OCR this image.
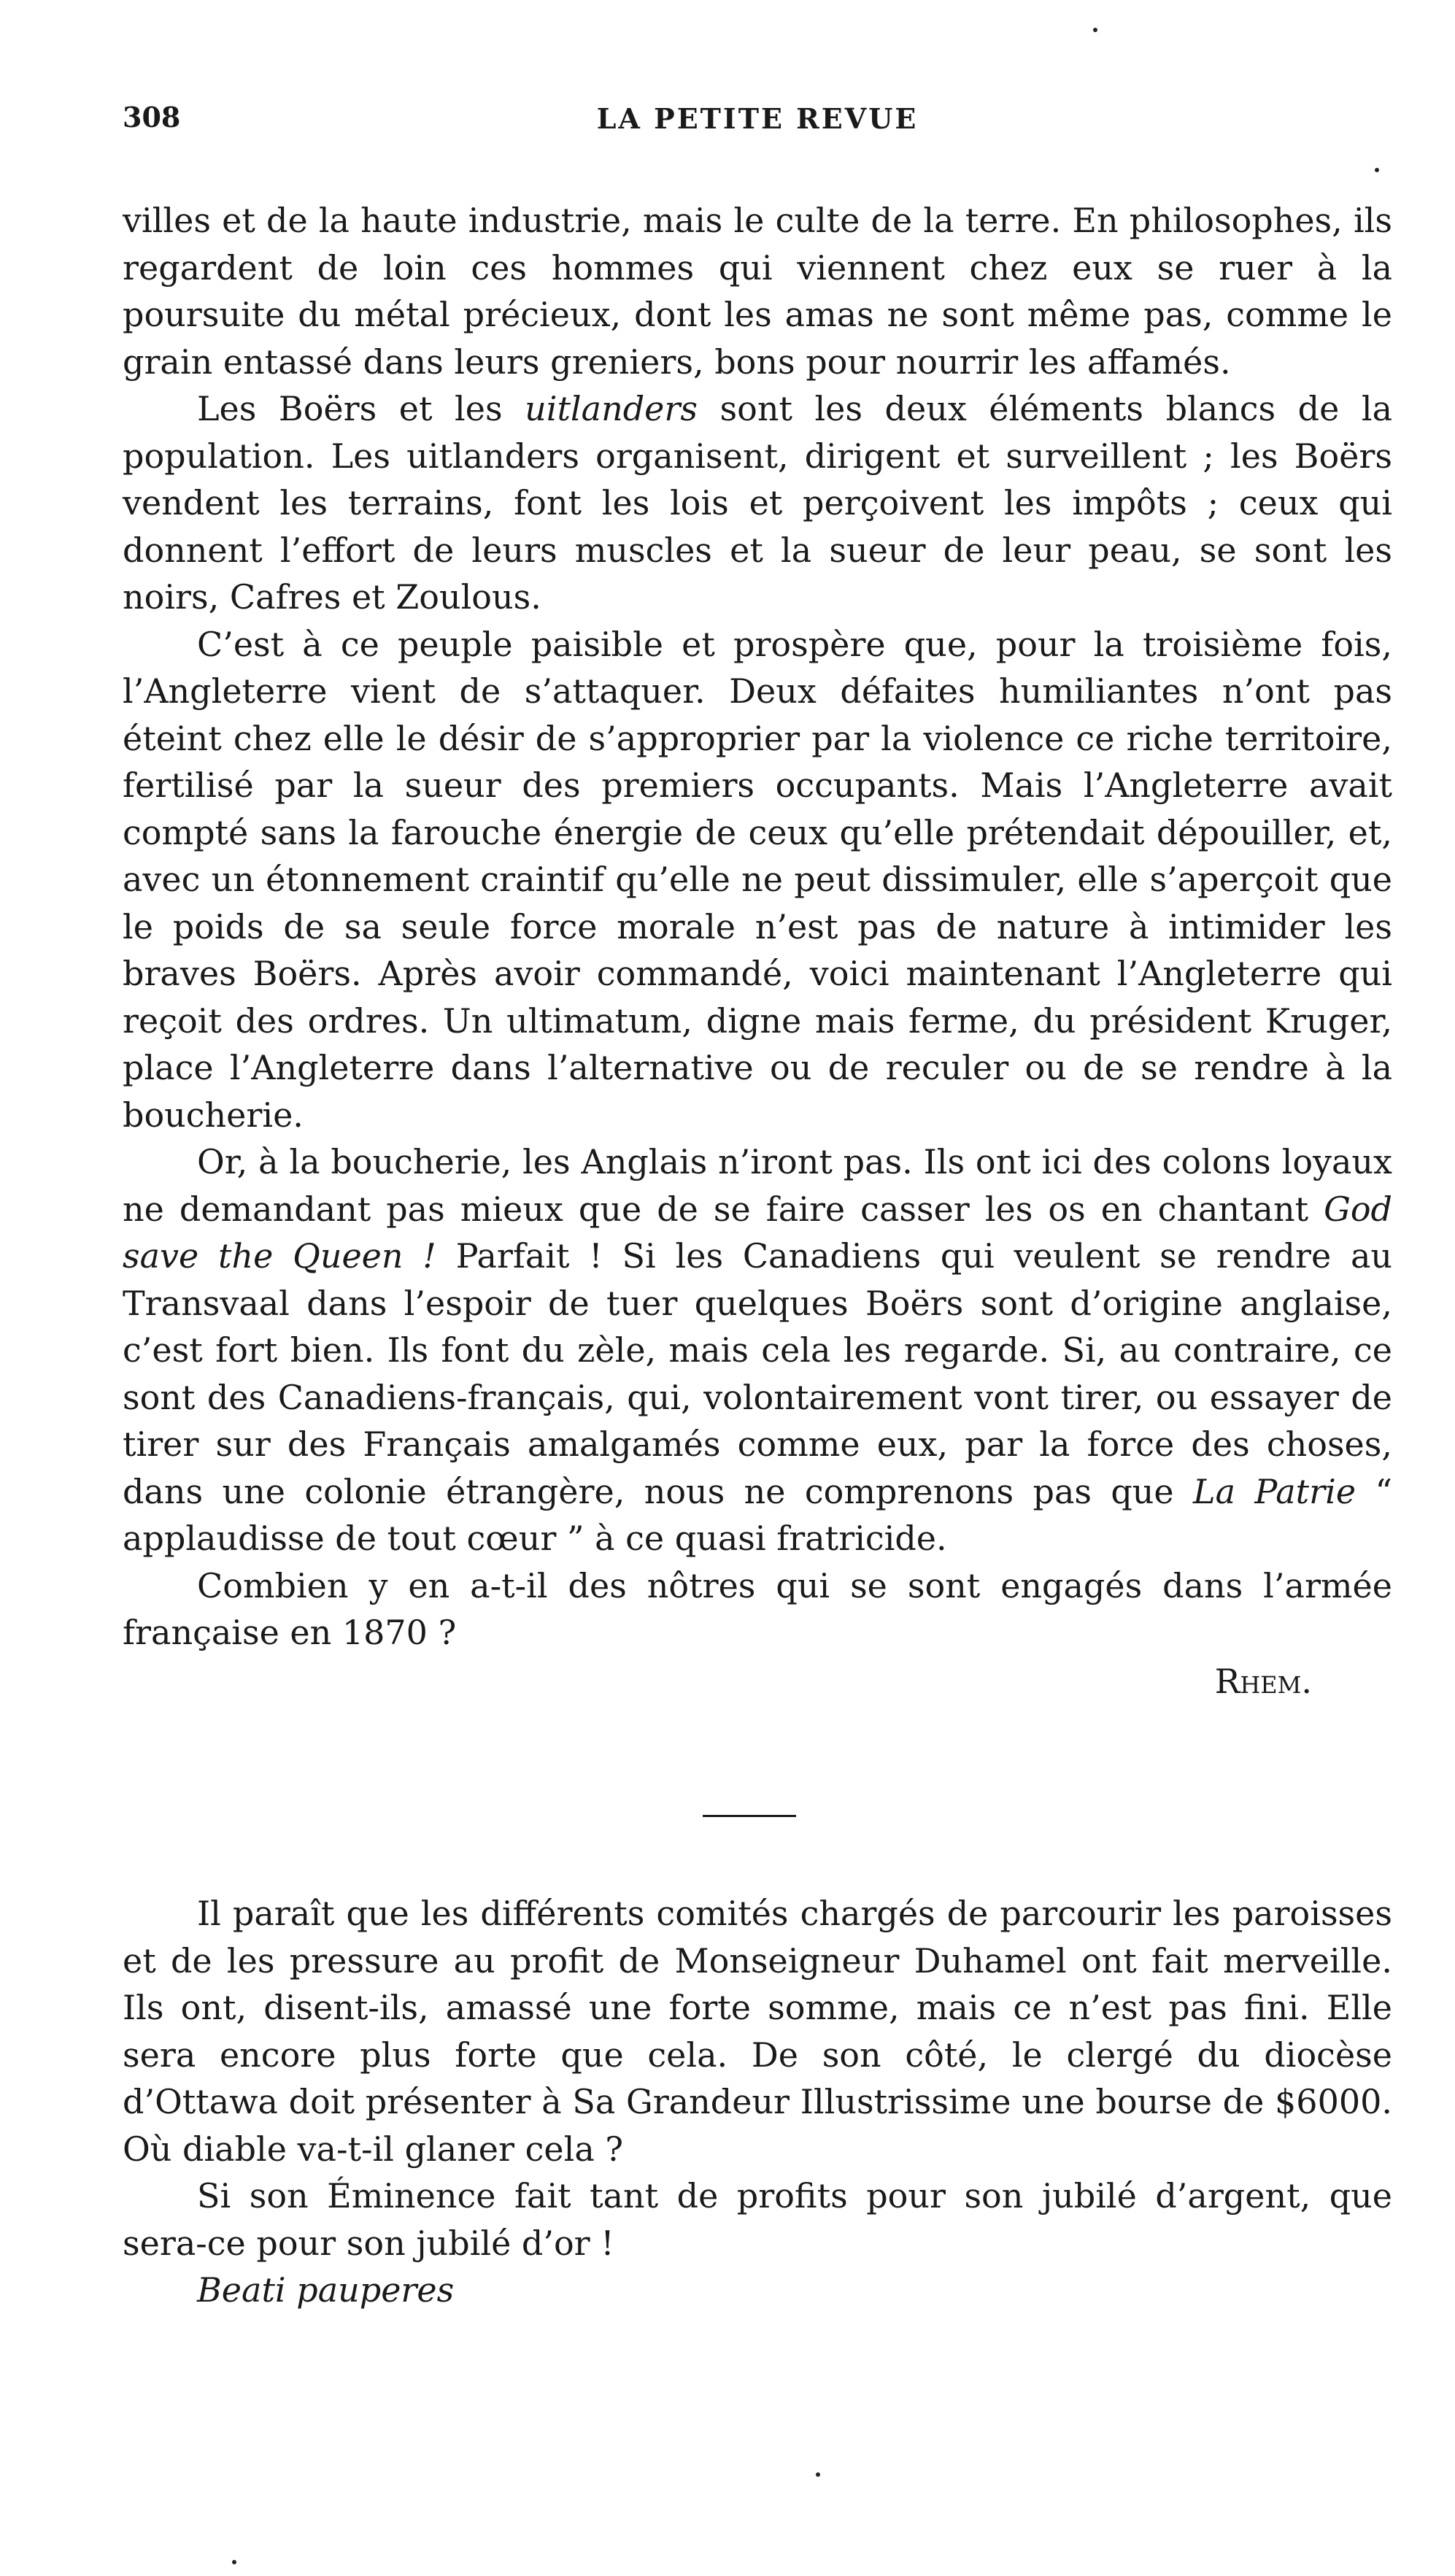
308	LA PETITE REVUE

villes et de la haute industrie, mais le culte de la terre. En philosophes, ils regardent de loin ces hommes qui viennent chez eux se ruer à la poursuite du métal précieux, dont les amas ne sont même pas, comme le grain entassé dans leurs greniers, bons pour nourrir les affamés.

Les Boërs et les uitlanders sont les deux éléments blancs de la population. Les uitlanders organisent, dirigent et surveillent ; les Boërs vendent les terrains, font les lois et perçoivent les impôts ; ceux qui donnent l’effort de leurs muscles et la sueur de leur peau, se sont les noirs, Cafres et Zoulous.

C’est à ce peuple paisible et prospère que, pour la troisième fois, l’Angleterre vient de s’attaquer. Deux défaites humiliantes n’ont pas éteint chez elle le désir de s’approprier par la violence ce riche territoire, fertilisé par la sueur des premiers occupants. Mais l’Angleterre avait compté sans la farouche énergie de ceux qu’elle prétendait dépouiller, et, avec un étonnement craintif qu’elle ne peut dissimuler, elle s’aperçoit que le poids de sa seule force morale n’est pas de nature à intimider les braves Boërs. Après avoir commandé, voici maintenant l’Angleterre qui reçoit des ordres. Un ultimatum, digne mais ferme, du président Kruger, place l’Angleterre dans l’alternative ou de reculer ou de se rendre à la boucherie.

Or, à la boucherie, les Anglais n’iront pas. Ils ont ici des colons loyaux ne demandant pas mieux que de se faire casser les os en chantant God save the Queen ! Parfait ! Si les Canadiens qui veulent se rendre au Transvaal dans l’espoir de tuer quelques Boërs sont d’origine anglaise, c’est fort bien. Ils font du zèle, mais cela les regarde. Si, au contraire, ce sont des Canadiens-français, qui, volontairement vont tirer, ou essayer de tirer sur des Français amalgamés comme eux, par la force des choses, dans une colonie étrangère, nous ne comprenons pas que La Patrie “ applaudisse de tout cœur ” à ce quasi fratricide.

Combien y en a-t-il des nôtres qui se sont engagés dans l’armée française en 1870 ?

Rhem.

Il paraît que les différents comités chargés de parcourir les paroisses et de les pressure au profit de Monseigneur Duhamel ont fait merveille. Ils ont, disent-ils, amassé une forte somme, mais ce n’est pas fini. Elle sera encore plus forte que cela. De son côté, le clergé du diocèse d’Ottawa doit présenter à Sa Grandeur Illustrissime une bourse de $6000. Où diable va-t-il glaner cela ?

Si son Éminence fait tant de profits pour son jubilé d’argent, que sera-ce pour son jubilé d’or !

Beati pauperes
